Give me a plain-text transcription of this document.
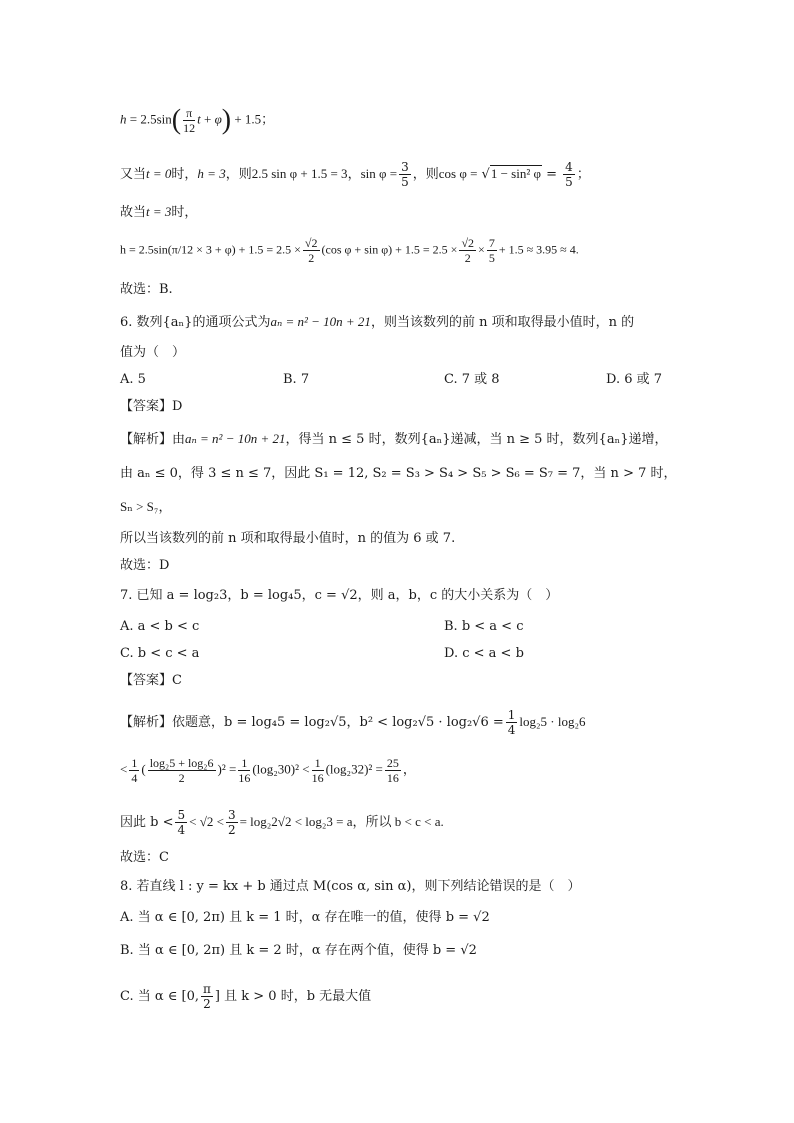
$h = 2.5\sin( \frac{\pi}{12}$ t + φ) + 1.5；
又当t = 0时，h = 3，则2.5 sin φ + 1.5 = 3，$\sin \varphi = \frac{3}{5}$ ，则cos φ = √1 − sin² $\varphi = \frac{4}{5}$ ；
故当t = 3时，
$h = 2.5\sin(\pi/12 \times 3 + \varphi) + 1.5 = 2.5 \times \frac{√2}{2} (\cos$ $\varphi + \sin \varphi) + 1.5 = 2.5 \times \frac{√2}{2} \times \frac{7}{5} + 1.5 \approx 3.95 \approx 4$.
故选：B.
6. 数列{aₙ}的通项公式为aₙ = n² − 10n + 21，则当该数列的前 n 项和取得最小值时，n 的
值为（　）
A. 5	B. 7	C. 7 或 8	D. 6 或 7
【答案】D
【解析】由aₙ = n² − 10n + 21，得当 n ≤ 5 时，数列{aₙ}递减，当 n ≥ 5 时，数列{aₙ}递增，
由 aₙ ≤ 0，得 3 ≤ n ≤ 7，因此 S₁ = 12, S₂ = S₃ > S₄ > S₅ > S₆ = S₇ = 7，当 n > 7 时，
Sₙ > S₇，
所以当该数列的前 n 项和取得最小值时，n 的值为 6 或 7.
故选：D
7. 已知 a = log₂3，b = log₄5，c = √2，则 a，b，c 的大小关系为（　）
A. a < b < c	B. b < a < c
C. b < c < a	D. c < a < b
【答案】C
【解析】依题意，b = log₄5 = log₂√5，$b^2 < \log_2√5 \cdot \log_2√6 = \frac{1}{4} \log_25 \cdot \log_26$
< $\frac{1}{4}$ ( $\frac{\text{log₂5 + log₂6}}{2} )^2 = \frac{1}{16} (\log_230)^2 < \frac{1}{16} (\log_232)^2 = \frac{25}{16}$ ，
因此 $b < \frac{5}{4} < √2 < \frac{3}{2} = \log_22√2 < \log_23 = a$，所以 b < c < a.
故选：C
8. 若直线 l : y = kx + b 通过点 M(cos α, sin α)，则下列结论错误的是（　）
A. 当 α ∈ [0, 2π) 且 k = 1 时，α 存在唯一的值，使得 b = √2
B. 当 α ∈ [0, 2π) 且 k = 2 时，α 存在两个值，使得 b = √2
C. 当 α ∈ [0, $\frac{\pi}{2}$ ] 且 k > 0 时，b 无最大值
